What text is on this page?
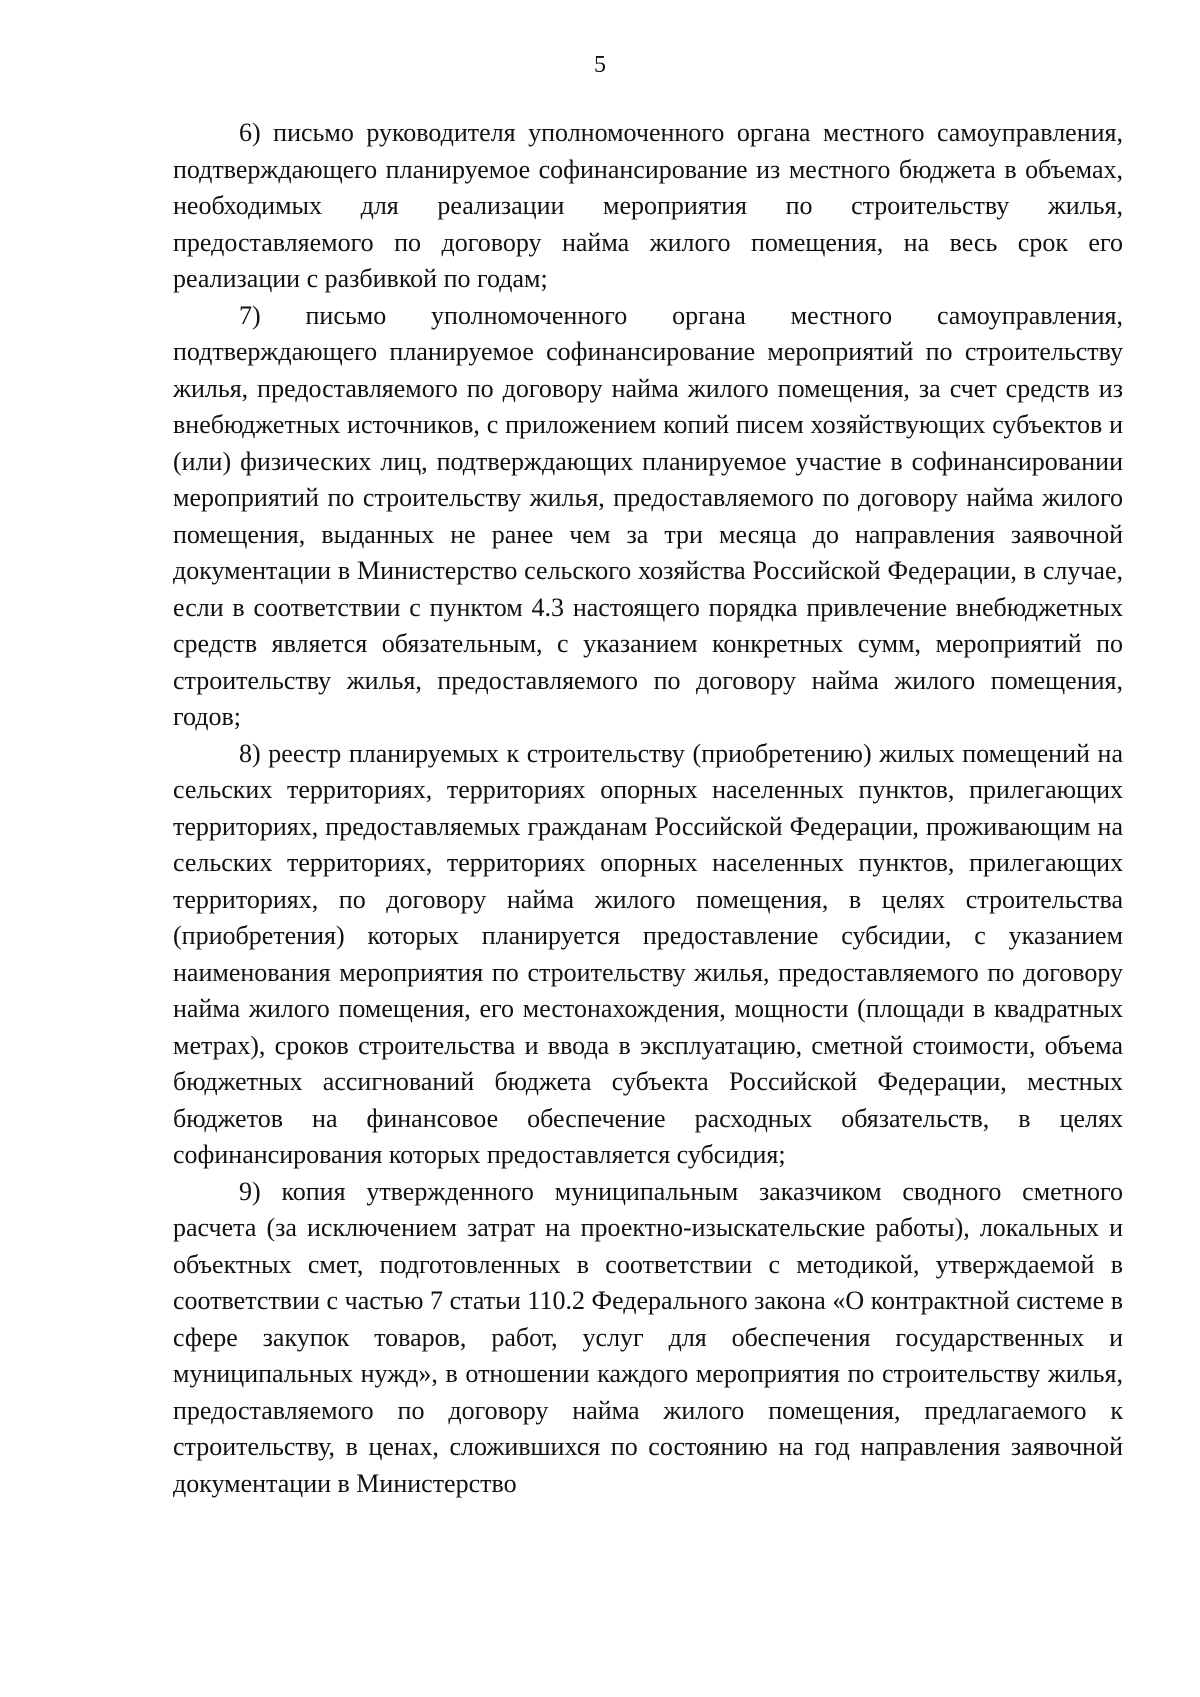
5

6) письмо руководителя уполномоченного органа местного самоуправления, подтверждающего планируемое софинансирование из местного бюджета в объемах, необходимых для реализации мероприятия по строительству жилья, предоставляемого по договору найма жилого помещения, на весь срок его реализации с разбивкой по годам;

7) письмо уполномоченного органа местного самоуправления, подтверждающего планируемое софинансирование мероприятий по строительству жилья, предоставляемого по договору найма жилого помещения, за счет средств из внебюджетных источников, с приложением копий писем хозяйствующих субъектов и (или) физических лиц, подтверждающих планируемое участие в софинансировании мероприятий по строительству жилья, предоставляемого по договору найма жилого помещения, выданных не ранее чем за три месяца до направления заявочной документации в Министерство сельского хозяйства Российской Федерации, в случае, если в соответствии с пунктом 4.3 настоящего порядка привлечение внебюджетных средств является обязательным, с указанием конкретных сумм, мероприятий по строительству жилья, предоставляемого по договору найма жилого помещения, годов;

8) реестр планируемых к строительству (приобретению) жилых помещений на сельских территориях, территориях опорных населенных пунктов, прилегающих территориях, предоставляемых гражданам Российской Федерации, проживающим на сельских территориях, территориях опорных населенных пунктов, прилегающих территориях, по договору найма жилого помещения, в целях строительства (приобретения) которых планируется предоставление субсидии, с указанием наименования мероприятия по строительству жилья, предоставляемого по договору найма жилого помещения, его местонахождения, мощности (площади в квадратных метрах), сроков строительства и ввода в эксплуатацию, сметной стоимости, объема бюджетных ассигнований бюджета субъекта Российской Федерации, местных бюджетов на финансовое обеспечение расходных обязательств, в целях софинансирования которых предоставляется субсидия;

9) копия утвержденного муниципальным заказчиком сводного сметного расчета (за исключением затрат на проектно-изыскательские работы), локальных и объектных смет, подготовленных в соответствии с методикой, утверждаемой в соответствии с частью 7 статьи 110.2 Федерального закона «О контрактной системе в сфере закупок товаров, работ, услуг для обеспечения государственных и муниципальных нужд», в отношении каждого мероприятия по строительству жилья, предоставляемого по договору найма жилого помещения, предлагаемого к строительству, в ценах, сложившихся по состоянию на год направления заявочной документации в Министерство
